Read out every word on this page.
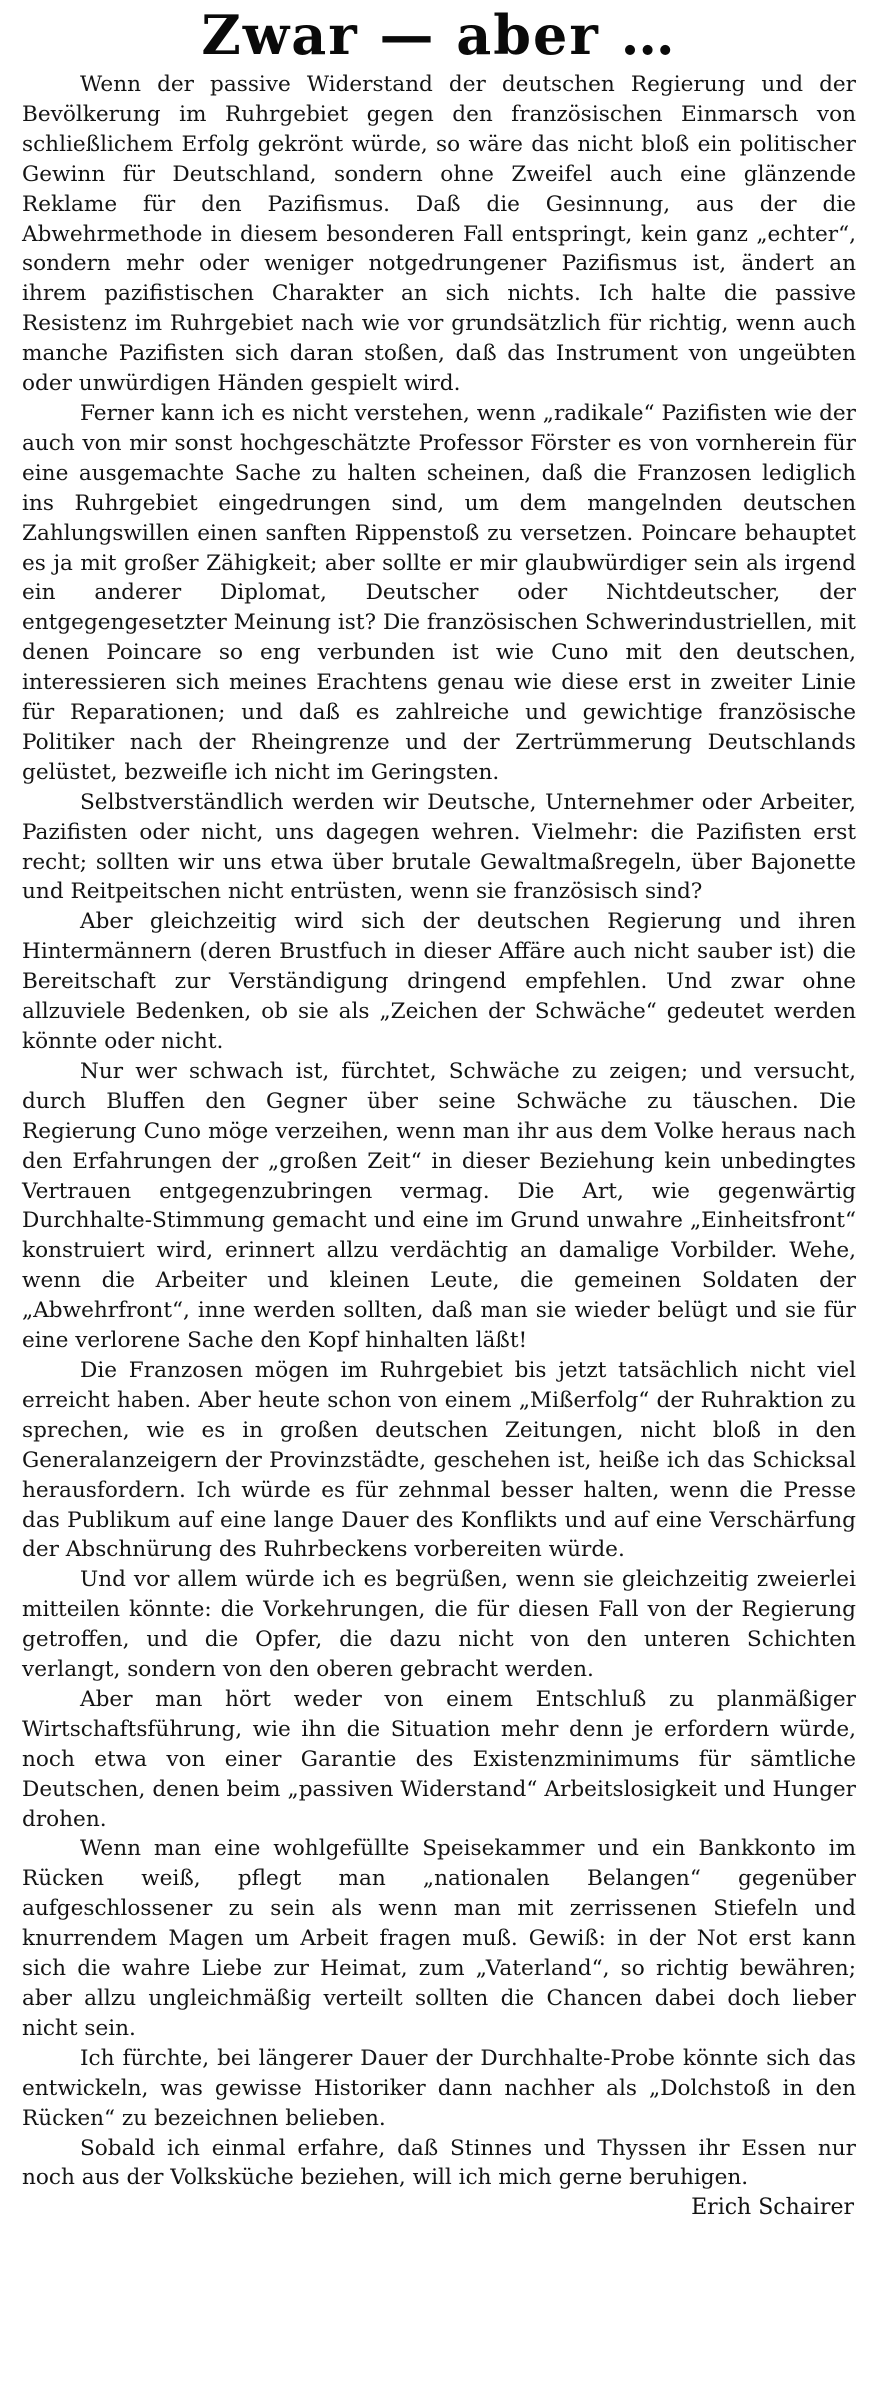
Zwar — aber …

Wenn der passive Widerstand der deutschen Regierung und der Bevölkerung im Ruhrgebiet gegen den französischen Einmarsch von schließlichem Erfolg gekrönt würde, so wäre das nicht bloß ein politischer Gewinn für Deutschland, sondern ohne Zweifel auch eine glänzende Reklame für den Pazifismus. Daß die Gesinnung, aus der die Abwehrmethode in diesem besonderen Fall entspringt, kein ganz „echter“, sondern mehr oder weniger notgedrungener Pazifismus ist, ändert an ihrem pazifistischen Charakter an sich nichts. Ich halte die passive Resistenz im Ruhrgebiet nach wie vor grundsätzlich für richtig, wenn auch manche Pazifisten sich daran stoßen, daß das Instrument von ungeübten oder unwürdigen Händen gespielt wird.

Ferner kann ich es nicht verstehen, wenn „radikale“ Pazifisten wie der auch von mir sonst hochgeschätzte Professor Förster es von vornherein für eine ausgemachte Sache zu halten scheinen, daß die Franzosen lediglich ins Ruhrgebiet eingedrungen sind, um dem mangelnden deutschen Zahlungswillen einen sanften Rippenstoß zu versetzen. Poincare behauptet es ja mit großer Zähigkeit; aber sollte er mir glaubwürdiger sein als irgend ein anderer Diplomat, Deutscher oder Nichtdeutscher, der entgegengesetzter Meinung ist? Die französischen Schwerindustriellen, mit denen Poincare so eng verbunden ist wie Cuno mit den deutschen, interessieren sich meines Erachtens genau wie diese erst in zweiter Linie für Reparationen; und daß es zahlreiche und gewichtige französische Politiker nach der Rheingrenze und der Zertrümmerung Deutschlands gelüstet, bezweifle ich nicht im Geringsten.

Selbstverständlich werden wir Deutsche, Unternehmer oder Arbeiter, Pazifisten oder nicht, uns dagegen wehren. Vielmehr: die Pazifisten erst recht; sollten wir uns etwa über brutale Gewaltmaßregeln, über Bajonette und Reitpeitschen nicht entrüsten, wenn sie französisch sind?

Aber gleichzeitig wird sich der deutschen Regierung und ihren Hintermännern (deren Brustfuch in dieser Affäre auch nicht sauber ist) die Bereitschaft zur Verständigung dringend empfehlen. Und zwar ohne allzuviele Bedenken, ob sie als „Zeichen der Schwäche“ gedeutet werden könnte oder nicht.

Nur wer schwach ist, fürchtet, Schwäche zu zeigen; und versucht, durch Bluffen den Gegner über seine Schwäche zu täuschen. Die Regierung Cuno möge verzeihen, wenn man ihr aus dem Volke heraus nach den Erfahrungen der „großen Zeit“ in dieser Beziehung kein unbedingtes Vertrauen entgegenzubringen vermag. Die Art, wie gegenwärtig Durchhalte-Stimmung gemacht und eine im Grund unwahre „Einheitsfront“ konstruiert wird, erinnert allzu verdächtig an damalige Vorbilder. Wehe, wenn die Arbeiter und kleinen Leute, die gemeinen Soldaten der „Abwehrfront“, inne werden sollten, daß man sie wieder belügt und sie für eine verlorene Sache den Kopf hinhalten läßt!

Die Franzosen mögen im Ruhrgebiet bis jetzt tatsächlich nicht viel erreicht haben. Aber heute schon von einem „Mißerfolg“ der Ruhraktion zu sprechen, wie es in großen deutschen Zeitungen, nicht bloß in den Generalanzeigern der Provinzstädte, geschehen ist, heiße ich das Schicksal herausfordern. Ich würde es für zehnmal besser halten, wenn die Presse das Publikum auf eine lange Dauer des Konflikts und auf eine Verschärfung der Abschnürung des Ruhrbeckens vorbereiten würde.

Und vor allem würde ich es begrüßen, wenn sie gleichzeitig zweierlei mitteilen könnte: die Vorkehrungen, die für diesen Fall von der Regierung getroffen, und die Opfer, die dazu nicht von den unteren Schichten verlangt, sondern von den oberen gebracht werden.

Aber man hört weder von einem Entschluß zu planmäßiger Wirtschaftsführung, wie ihn die Situation mehr denn je erfordern würde, noch etwa von einer Garantie des Existenzminimums für sämtliche Deutschen, denen beim „passiven Widerstand“ Arbeitslosigkeit und Hunger drohen.

Wenn man eine wohlgefüllte Speisekammer und ein Bankkonto im Rücken weiß, pflegt man „nationalen Belangen“ gegenüber aufgeschlossener zu sein als wenn man mit zerrissenen Stiefeln und knurrendem Magen um Arbeit fragen muß. Gewiß: in der Not erst kann sich die wahre Liebe zur Heimat, zum „Vaterland“, so richtig bewähren; aber allzu ungleichmäßig verteilt sollten die Chancen dabei doch lieber nicht sein.

Ich fürchte, bei längerer Dauer der Durchhalte-Probe könnte sich das entwickeln, was gewisse Historiker dann nachher als „Dolchstoß in den Rücken“ zu bezeichnen belieben.

Sobald ich einmal erfahre, daß Stinnes und Thyssen ihr Essen nur noch aus der Volksküche beziehen, will ich mich gerne beruhigen.

Erich Schairer
